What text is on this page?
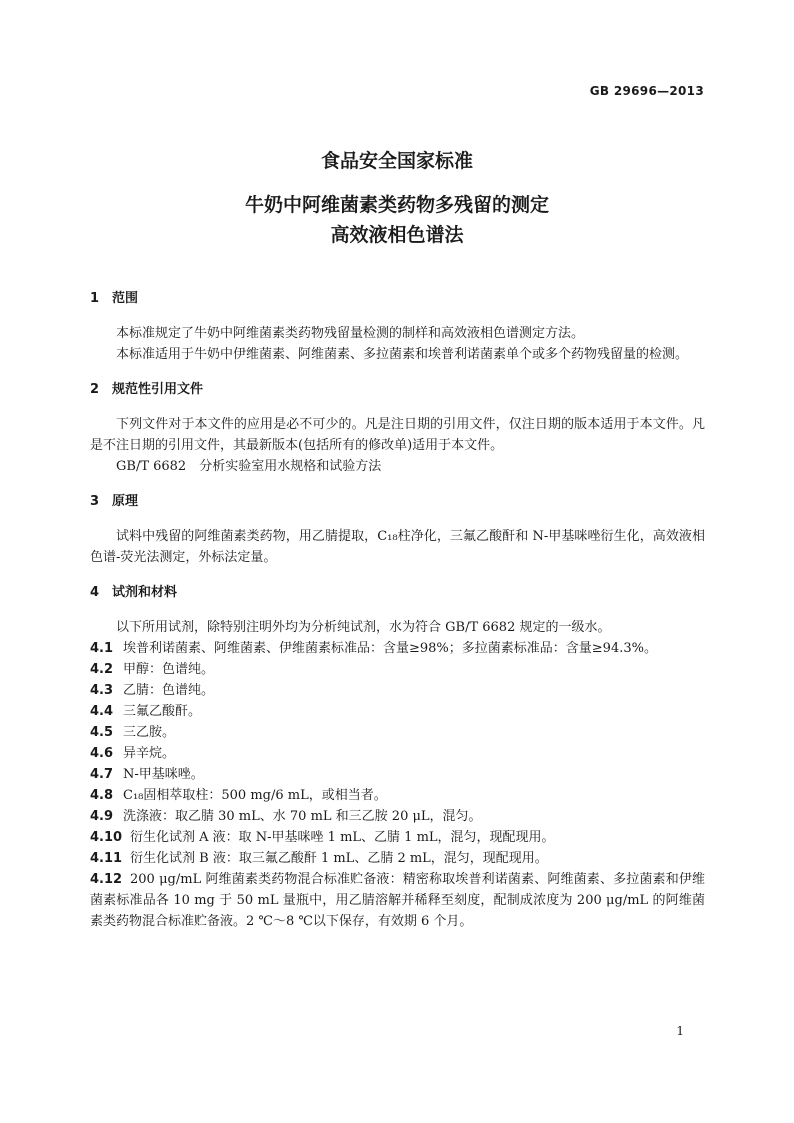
GB 29696—2013

食品安全国家标准

牛奶中阿维菌素类药物多残留的测定

高效液相色谱法

1 范围

本标准规定了牛奶中阿维菌素类药物残留量检测的制样和高效液相色谱测定方法。

本标准适用于牛奶中伊维菌素、阿维菌素、多拉菌素和埃普利诺菌素单个或多个药物残留量的检测。

2 规范性引用文件

下列文件对于本文件的应用是必不可少的。凡是注日期的引用文件，仅注日期的版本适用于本文件。凡是不注日期的引用文件，其最新版本(包括所有的修改单)适用于本文件。

GB/T 6682　分析实验室用水规格和试验方法

3 原理

试料中残留的阿维菌素类药物，用乙腈提取，C₁₈柱净化，三氟乙酸酐和 N-甲基咪唑衍生化，高效液相色谱-荧光法测定，外标法定量。

4 试剂和材料

以下所用试剂，除特别注明外均为分析纯试剂，水为符合 GB/T 6682 规定的一级水。

4.1 埃普利诺菌素、阿维菌素、伊维菌素标准品：含量≥98%；多拉菌素标准品：含量≥94.3%。

4.2 甲醇：色谱纯。

4.3 乙腈：色谱纯。

4.4 三氟乙酸酐。

4.5 三乙胺。

4.6 异辛烷。

4.7 N-甲基咪唑。

4.8 C₁₈固相萃取柱：500 mg/6 mL，或相当者。

4.9 洗涤液：取乙腈 30 mL、水 70 mL 和三乙胺 20 μL，混匀。

4.10 衍生化试剂 A 液：取 N-甲基咪唑 1 mL、乙腈 1 mL，混匀，现配现用。

4.11 衍生化试剂 B 液：取三氟乙酸酐 1 mL、乙腈 2 mL，混匀，现配现用。

4.12 200 μg/mL 阿维菌素类药物混合标准贮备液：精密称取埃普利诺菌素、阿维菌素、多拉菌素和伊维菌素标准品各 10 mg 于 50 mL 量瓶中，用乙腈溶解并稀释至刻度，配制成浓度为 200 μg/mL 的阿维菌素类药物混合标准贮备液。2 ℃～8 ℃以下保存，有效期 6 个月。

1
